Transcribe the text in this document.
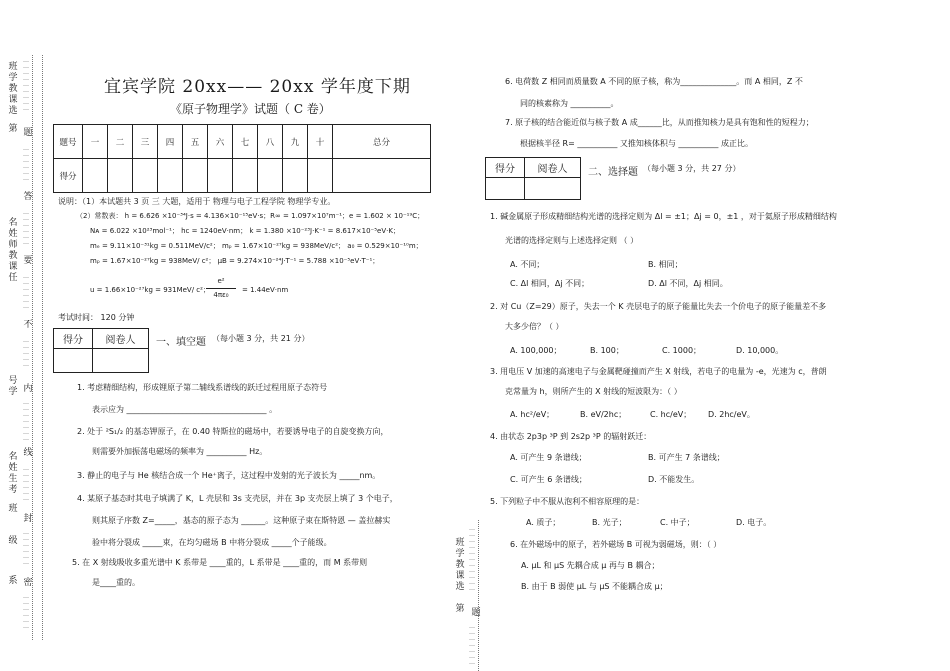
班学教课选
第 题
答
名姓师教课任
要
不
号学 内
线
名姓生考
班
封
级
系 密
…
…
…
…
…
…
…
…
…
…
…
…
…
…
…
…
…
…
…
…
…
…
…
…
…
…
…
…
…
…
…
…
…
…
…
…
…
…
…
…
…
…
…
…
…
…
…
…
…
…
…
…
…
…
…
…
…
班学教课选
第 题
…
…
…
…
…
…
…
…
…
…
…
…
…
…
…
…
…
…
宜宾学院 20xx—— 20xx 学年度下期
《原子物理学》试题（ C 卷）
题号	一	二	三	四	五	六	七	八	九	十	总分
得分											
说明：（1）本试题共 3 页 三 大题，适用于 物理与电子工程学院 物理学专业。
（2）常数表： h = 6.626 ×10⁻³⁴J·s = 4.136×10⁻¹⁵eV·s；R∞ = 1.097×10⁷m⁻¹；e = 1.602 × 10⁻¹⁹C；
Nᴀ = 6.022 ×10²³mol⁻¹； hc = 1240eV·nm； k = 1.380 ×10⁻²³J·K⁻¹ = 8.617×10⁻⁵eV·K；
mₑ = 9.11×10⁻³¹kg = 0.511MeV/c²； mₚ = 1.67×10⁻²⁷kg = 938MeV/c²； a₀ = 0.529×10⁻¹⁰m；
mₚ = 1.67×10⁻²⁷kg = 938MeV/ c²； μB = 9.274×10⁻²⁴J·T⁻¹ = 5.788 ×10⁻⁵eV·T⁻¹；
u = 1.66×10⁻²⁷kg = 931MeV/ c²；
e²
4πε₀
= 1.44eV·nm
考试时间： 120 分钟
得分	阅卷人
	一、填空题 （每小题 3 分，共 21 分）
1. 考虑精细结构，形成锂原子第二辅线系谱线的跃迁过程用原子态符号
表示应为 ___________________________________ 。
2. 处于 ²S₁/₂ 的基态钾原子，在 0.40 特斯拉的磁场中，若要诱导电子的自旋变换方向，
则需要外加振荡电磁场的频率为 __________ Hz。
3. 静止的电子与 He 核结合成一个 He⁺离子，这过程中发射的光子波长为 _____nm。
4. 某原子基态时其电子填满了 K，L 壳层和 3s 支壳层，并在 3p 支壳层上填了 3 个电子，
则其原子序数 Z=_____，基态的原子态为 ______。这种原子束在斯特恩 — 盖拉赫实
验中将分裂成 _____束，在均匀磁场 B 中将分裂成 _____个子能级。
5. 在 X 射线吸收多重光谱中 K 系带是 ____重的，L 系带是 ____重的，而 M 系带则
是____重的。
6. 电荷数 Z 相同而质量数 A 不同的原子核，称为______________。而 A 相同，Z 不
同的核素称为 __________。
7. 原子核的结合能近似与核子数 A 成______比，从而推知核力是具有饱和性的短程力；
根据核半径 R= __________ 又推知核体积与 __________ 成正比。
得分	阅卷人
	二、选择题 （每小题 3 分，共 27 分）
1. 碱金属原子形成精细结构光谱的选择定则为 Δl = ±1；Δj = 0，±1 ，对于氦原子形成精细结构
光谱的选择定则与上述选择定则 （ ）
A. 不同；	B. 相同；
C. Δl 相同，Δj 不同；	D. Δl 不同，Δj 相同。
2. 对 Cu（Z=29）原子，失去一个 K 壳层电子的原子能量比失去一个价电子的原子能量差不多
大多少倍？（ ）
A. 100,000；	B. 100；	C. 1000；	D. 10,000。
3. 用电压 V 加速的高速电子与金属靶碰撞而产生 X 射线，若电子的电量为 -e，光速为 c，普朗
克常量为 h，则所产生的 X 射线的短波限为：（ ）
A. hc²/eV；	B. eV/2hc；	C. hc/eV； D. 2hc/eV。
4. 由状态 2p3p ³P 到 2s2p ³P 的辐射跃迁：
A. 可产生 9 条谱线；	B. 可产生 7 条谱线；
C. 可产生 6 条谱线；	D. 不能发生。
5. 下列粒子中不服从泡利不相容原理的是：
A. 质子；	B. 光子；	C. 中子；	D. 电子。
6. 在外磁场中的原子，若外磁场 B 可视为弱磁场，则：（ ）
A. μL 和 μS 先耦合成 μ 再与 B 耦合；
B. 由于 B 弱使 μL 与 μS 不能耦合成 μ；
